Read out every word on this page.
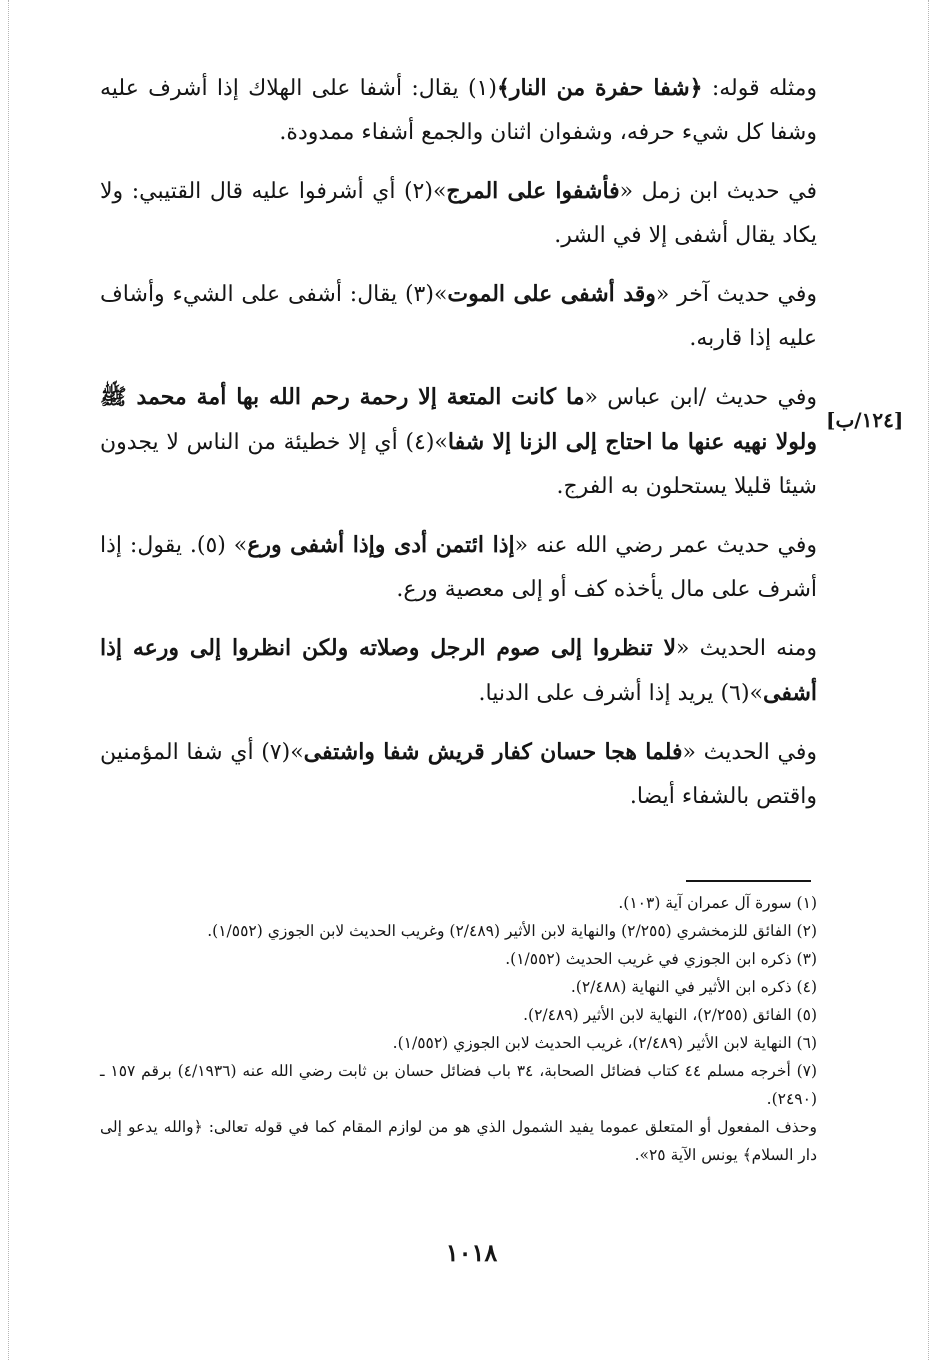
[١٢٤/ب]

ومثله قوله: ﴿شفا حفرة من النار﴾(١) يقال: أشفا على الهلاك إذا أشرف عليه وشفا كل شيء حرفه، وشفوان اثنان والجمع أشفاء ممدودة.

في حديث ابن زمل «فأشفوا على المرج»(٢) أي أشرفوا عليه قال القتيبي: ولا يكاد يقال أشفى إلا في الشر.

وفي حديث آخر «وقد أشفى على الموت»(٣) يقال: أشفى على الشيء وأشاف عليه إذا قاربه.

وفي حديث /ابن عباس «ما كانت المتعة إلا رحمة رحم الله بها أمة محمد ﷺ ولولا نهيه عنها ما احتاج إلى الزنا إلا شفا»(٤) أي إلا خطيئة من الناس لا يجدون شيئا قليلا يستحلون به الفرج.

وفي حديث عمر رضي الله عنه «إذا ائتمن أدى وإذا أشفى ورع» (٥). يقول: إذا أشرف على مال يأخذه كف أو إلى معصية ورع.

ومنه الحديث «لا تنظروا إلى صوم الرجل وصلاته ولكن انظروا إلى ورعه إذا أشفى»(٦) يريد إذا أشرف على الدنيا.

وفي الحديث «فلما هجا حسان كفار قريش شفا واشتفى»(٧) أي شفا المؤمنين واقتص بالشفاء أيضا.

(١) سورة آل عمران آية (١٠٣).

(٢) الفائق للزمخشري (٢/٢٥٥) والنهاية لابن الأثير (٢/٤٨٩) وغريب الحديث لابن الجوزي (١/٥٥٢).

(٣) ذكره ابن الجوزي في غريب الحديث (١/٥٥٢).

(٤) ذكره ابن الأثير في النهاية (٢/٤٨٨).

(٥) الفائق (٢/٢٥٥)، النهاية لابن الأثير (٢/٤٨٩).

(٦) النهاية لابن الأثير (٢/٤٨٩)، غريب الحديث لابن الجوزي (١/٥٥٢).

(٧) أخرجه مسلم ٤٤ كتاب فضائل الصحابة، ٣٤ باب فضائل حسان بن ثابت رضي الله عنه (٤/١٩٣٦) برقم ١٥٧ ـ (٢٤٩٠).

وحذف المفعول أو المتعلق عموما يفيد الشمول الذي هو من لوازم المقام كما في قوله تعالى: ﴿والله يدعو إلى دار السلام﴾ يونس الآية ٢٥».

١٠١٨
